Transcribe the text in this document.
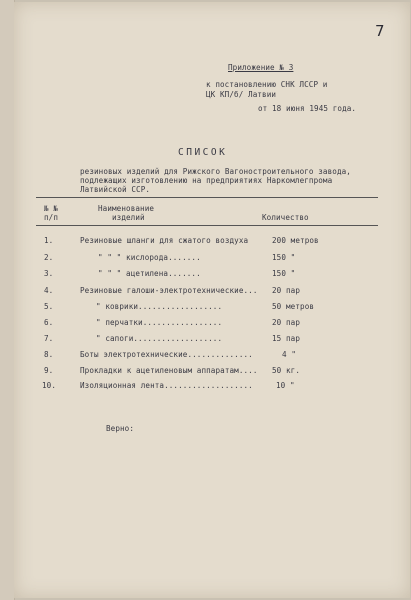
7
Приложение № 3
к постановлению СНК ЛССР и
ЦК КП/б/ Латвии
от 18 июня 1945 года.
СПИСОК
резиновых изделий для Рижского Вагоностроительного завода,
подлежащих изготовлению на предприятиях Наркомлегпрома
Латвийской ССР.
№ №
п/п
Наименование
изделий	Количество
1.	Резиновые шланги для сжатого воздуха	200 метров
2.	" " " кислорода.......	150 "
3.	" " " ацетилена.......	150 "
4.	Резиновые галоши-электротехнические... 20 пар
5.	" коврики..................	50 метров
6.	" перчатки.................	20 пар
7.	" сапоги...................	15 пар
8.	Боты электротехнические..............	4 "
9.	Прокладки к ацетиленовым аппаратам.... 50 кг.
10.	Изоляционная лента...................	10 "
Верно:
